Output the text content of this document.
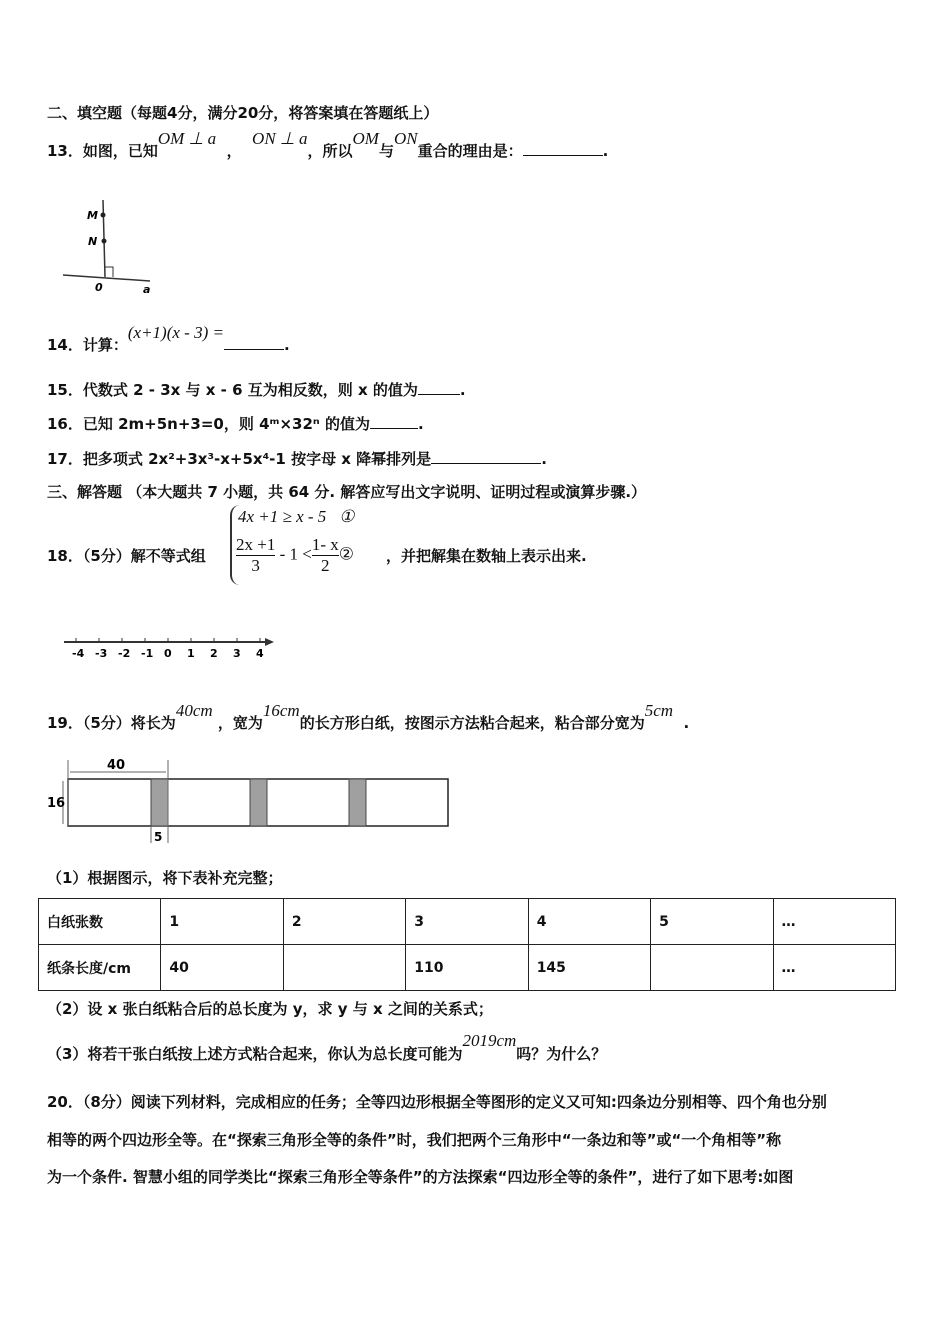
二、填空题（每题4分，满分20分，将答案填在答题纸上）
13．如图，已知OM ⊥ a  ，  ON ⊥ a，所以OM与ON重合的理由是：	.
M
N
0	a
14．计算：(x+1)(x - 3) =.
15．代数式 2 - 3x 与 x - 6 互为相反数，则 x 的值为	.
16．已知 2m+5n+3=0，则 4ᵐ×32ⁿ 的值为	.
17．把多项式 2x²+3x³-x+5x⁴-1 按字母 x 降幂排列是	.
三、解答题 （本大题共 7 小题，共 64 分. 解答应写出文字说明、证明过程或演算步骤.）
18．（5分）解不等式组
4x +1 ≥ x - 5 ①
$\frac{2x +1}{3} - 1 < \frac{1- x}{2}$ ② ，并把解集在数轴上表示出来.
-4 -3 -2 -1 0 1 2 3 4
19．（5分）将长为40cm ，宽为16cm的长方形白纸，按图示方法粘合起来，粘合部分宽为5cm  .
40
16
5
（1）根据图示，将下表补充完整；
白纸张数	1	2	3	4	5	…
纸条长度/cm	40		110	145		…
（2）设 x 张白纸粘合后的总长度为 y，求 y 与 x 之间的关系式；
（3）将若干张白纸按上述方式粘合起来，你认为总长度可能为2019cm吗？为什么？
20．（8分）阅读下列材料，完成相应的任务；全等四边形根据全等图形的定义又可知:四条边分别相等、四个角也分别
相等的两个四边形全等。在“探索三角形全等的条件”时，我们把两个三角形中“一条边和等”或“一个角相等”称
为一个条件. 智慧小组的同学类比“探索三角形全等条件”的方法探索“四边形全等的条件”，进行了如下思考:如图
